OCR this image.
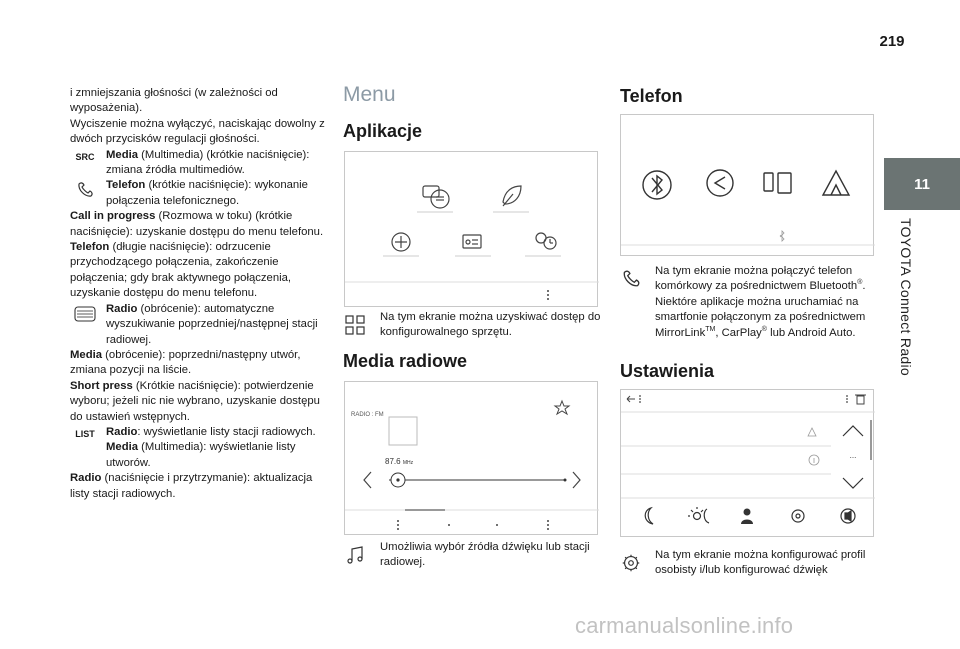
219
11
TOYOTA Connect Radio

i zmniejszania głośności (w zależności od wyposażenia).

Wyciszenie można wyłączyć, naciskając dowolny z dwóch przycisków regulacji głośności.

SRC	Media (Multimedia) (krótkie naciśnięcie): zmiana źródła multimediów.
Telefon (krótkie naciśnięcie): wykonanie połączenia telefonicznego.

Call in progress (Rozmowa w toku) (krótkie naciśnięcie): uzyskanie dostępu do menu telefonu.

Telefon (długie naciśnięcie): odrzucenie przychodzącego połączenia, zakończenie połączenia; gdy brak aktywnego połączenia, uzyskanie dostępu do menu telefonu.

Radio (obrócenie): automatyczne wyszukiwanie poprzedniej/następnej stacji radiowej.

Media (obrócenie): poprzedni/następny utwór, zmiana pozycji na liście.

Short press (Krótkie naciśnięcie): potwierdzenie wyboru; jeżeli nic nie wybrano, uzyskanie dostępu do ustawień wstępnych.

LIST Radio: wyświetlanie listy stacji radiowych. Media (Multimedia): wyświetlanie listy utworów.

Radio (naciśnięcie i przytrzymanie): aktualizacja listy stacji radiowych.

Menu
Aplikacje
Na tym ekranie można uzyskiwać dostęp do konfigurowalnego sprzętu.
Media radiowe
RADIO : FM
87.6 MHz
Umożliwia wybór źródła dźwięku lub stacji radiowej.
Telefon
Na tym ekranie można połączyć telefon komórkowy za pośrednictwem Bluetooth®. Niektóre aplikacje można uruchamiać na smartfonie połączonym za pośrednictwem MirrorLink™, CarPlay® lub Android Auto.
Ustawienia
...
Na tym ekranie można konfigurować profil osobisty i/lub konfigurować dźwięk
carmanualsonline.info
